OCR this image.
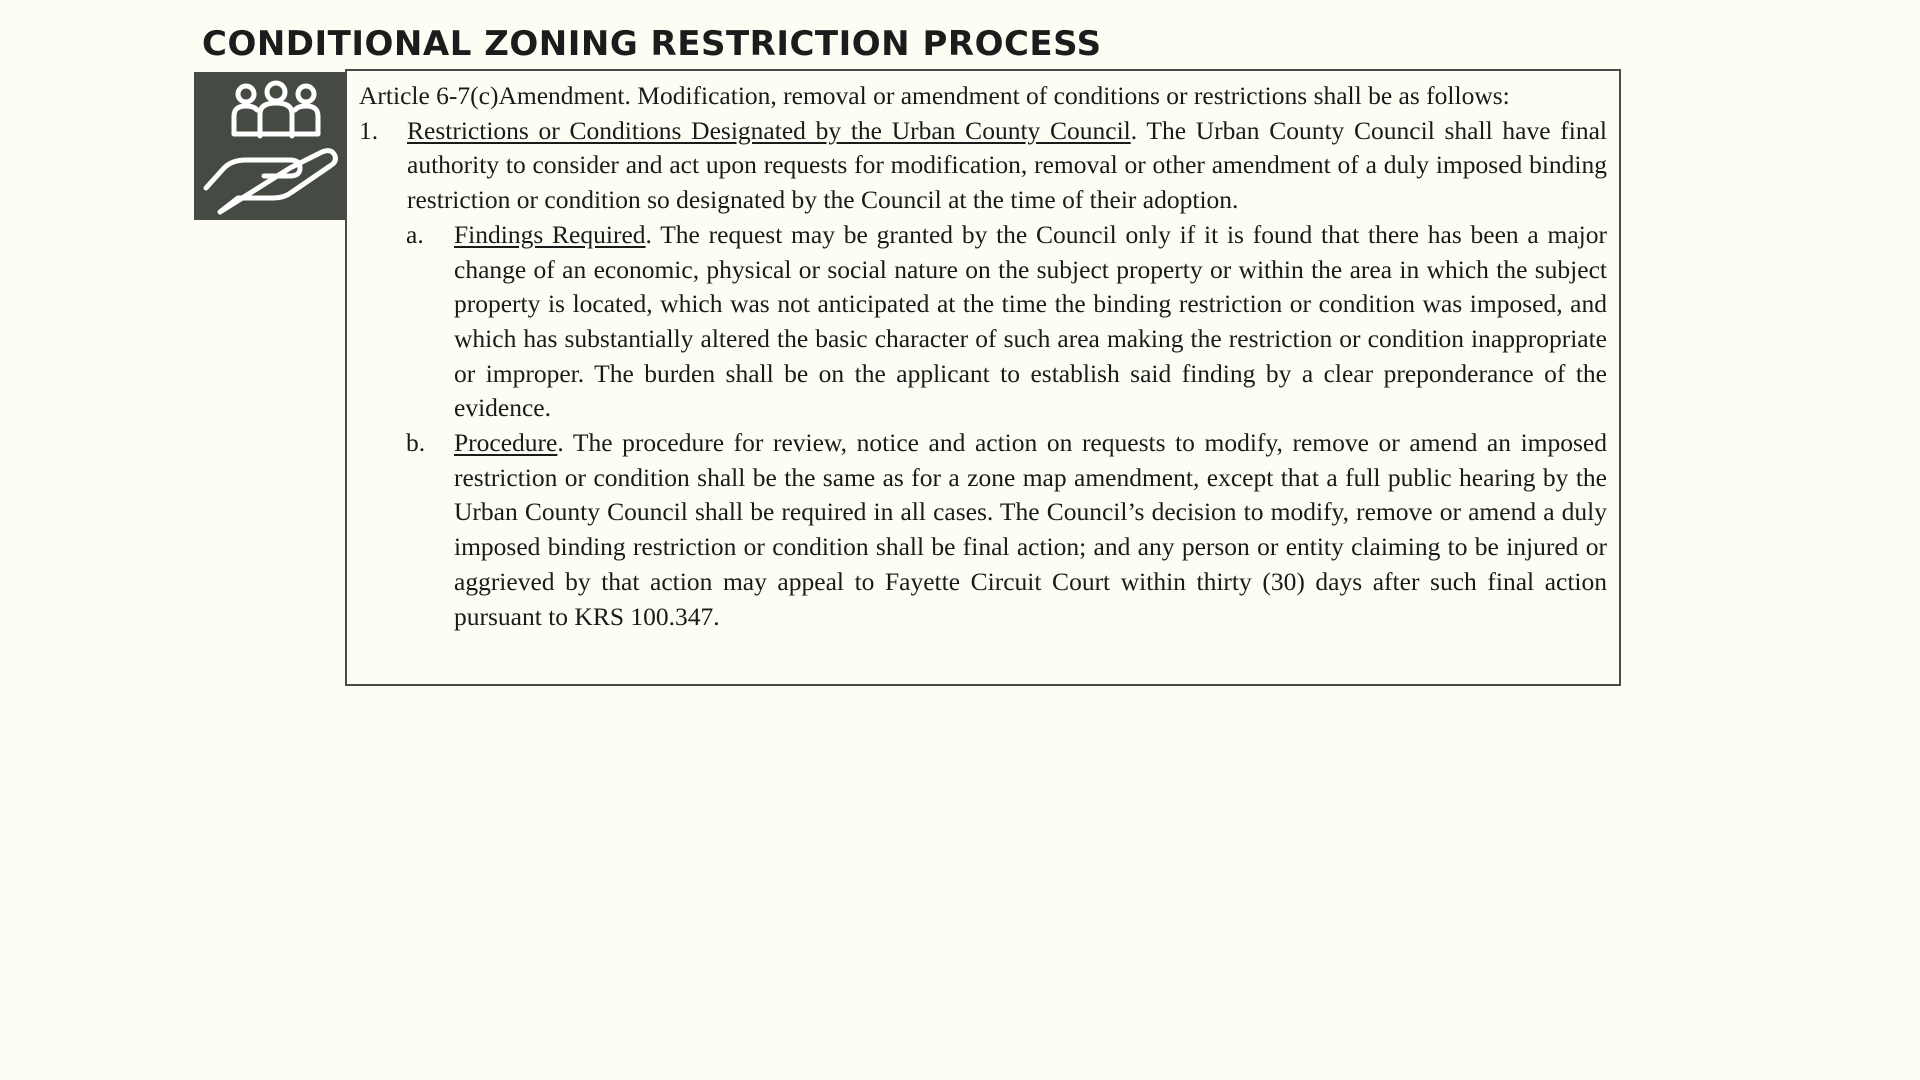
CONDITIONAL ZONING RESTRICTION PROCESS

Article 6-7(c)Amendment. Modification, removal or amendment of conditions or restrictions shall be as follows:

1. Restrictions or Conditions Designated by the Urban County Council. The Urban County Council shall have final authority to consider and act upon requests for modification, removal or other amendment of a duly imposed binding restriction or condition so designated by the Council at the time of their adoption.
a. Findings Required. The request may be granted by the Council only if it is found that there has been a major change of an economic, physical or social nature on the subject property or within the area in which the subject property is located, which was not anticipated at the time the binding restriction or condition was imposed, and which has substantially altered the basic character of such area making the restriction or condition inappropriate or improper. The burden shall be on the applicant to establish said finding by a clear preponderance of the evidence.
b. Procedure. The procedure for review, notice and action on requests to modify, remove or amend an imposed restriction or condition shall be the same as for a zone map amendment, except that a full public hearing by the Urban County Council shall be required in all cases. The Council’s decision to modify, remove or amend a duly imposed binding restriction or condition shall be final action; and any person or entity claiming to be injured or aggrieved by that action may appeal to Fayette Circuit Court within thirty (30) days after such final action pursuant to KRS 100.347.
